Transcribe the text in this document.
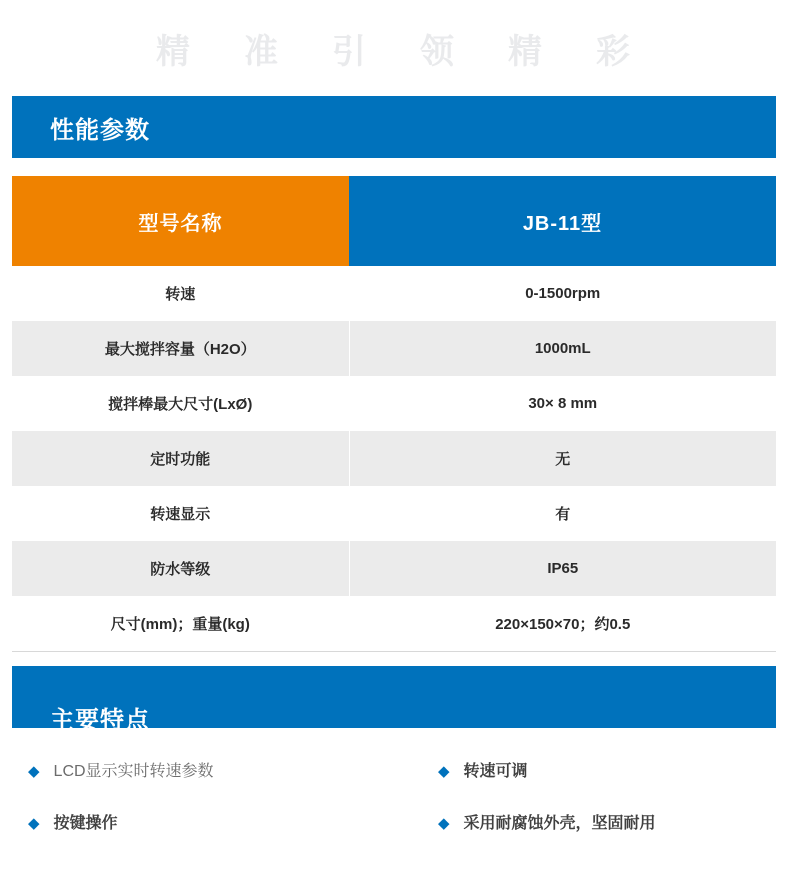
精 准 引 领 精 彩
性能参数
型号名称	JB-11型
转速	0-1500rpm
最大搅拌容量（H2O）	1000mL
搅拌棒最大尺寸(LxØ)	30× 8 mm
定时功能	无
转速显示	有
防水等级	IP65
尺寸(mm)；重量(kg)	220×150×70；约0.5
主要特点
◆ LCD显示实时转速参数	◆ 转速可调
◆ 按键操作	◆ 采用耐腐蚀外壳，坚固耐用
